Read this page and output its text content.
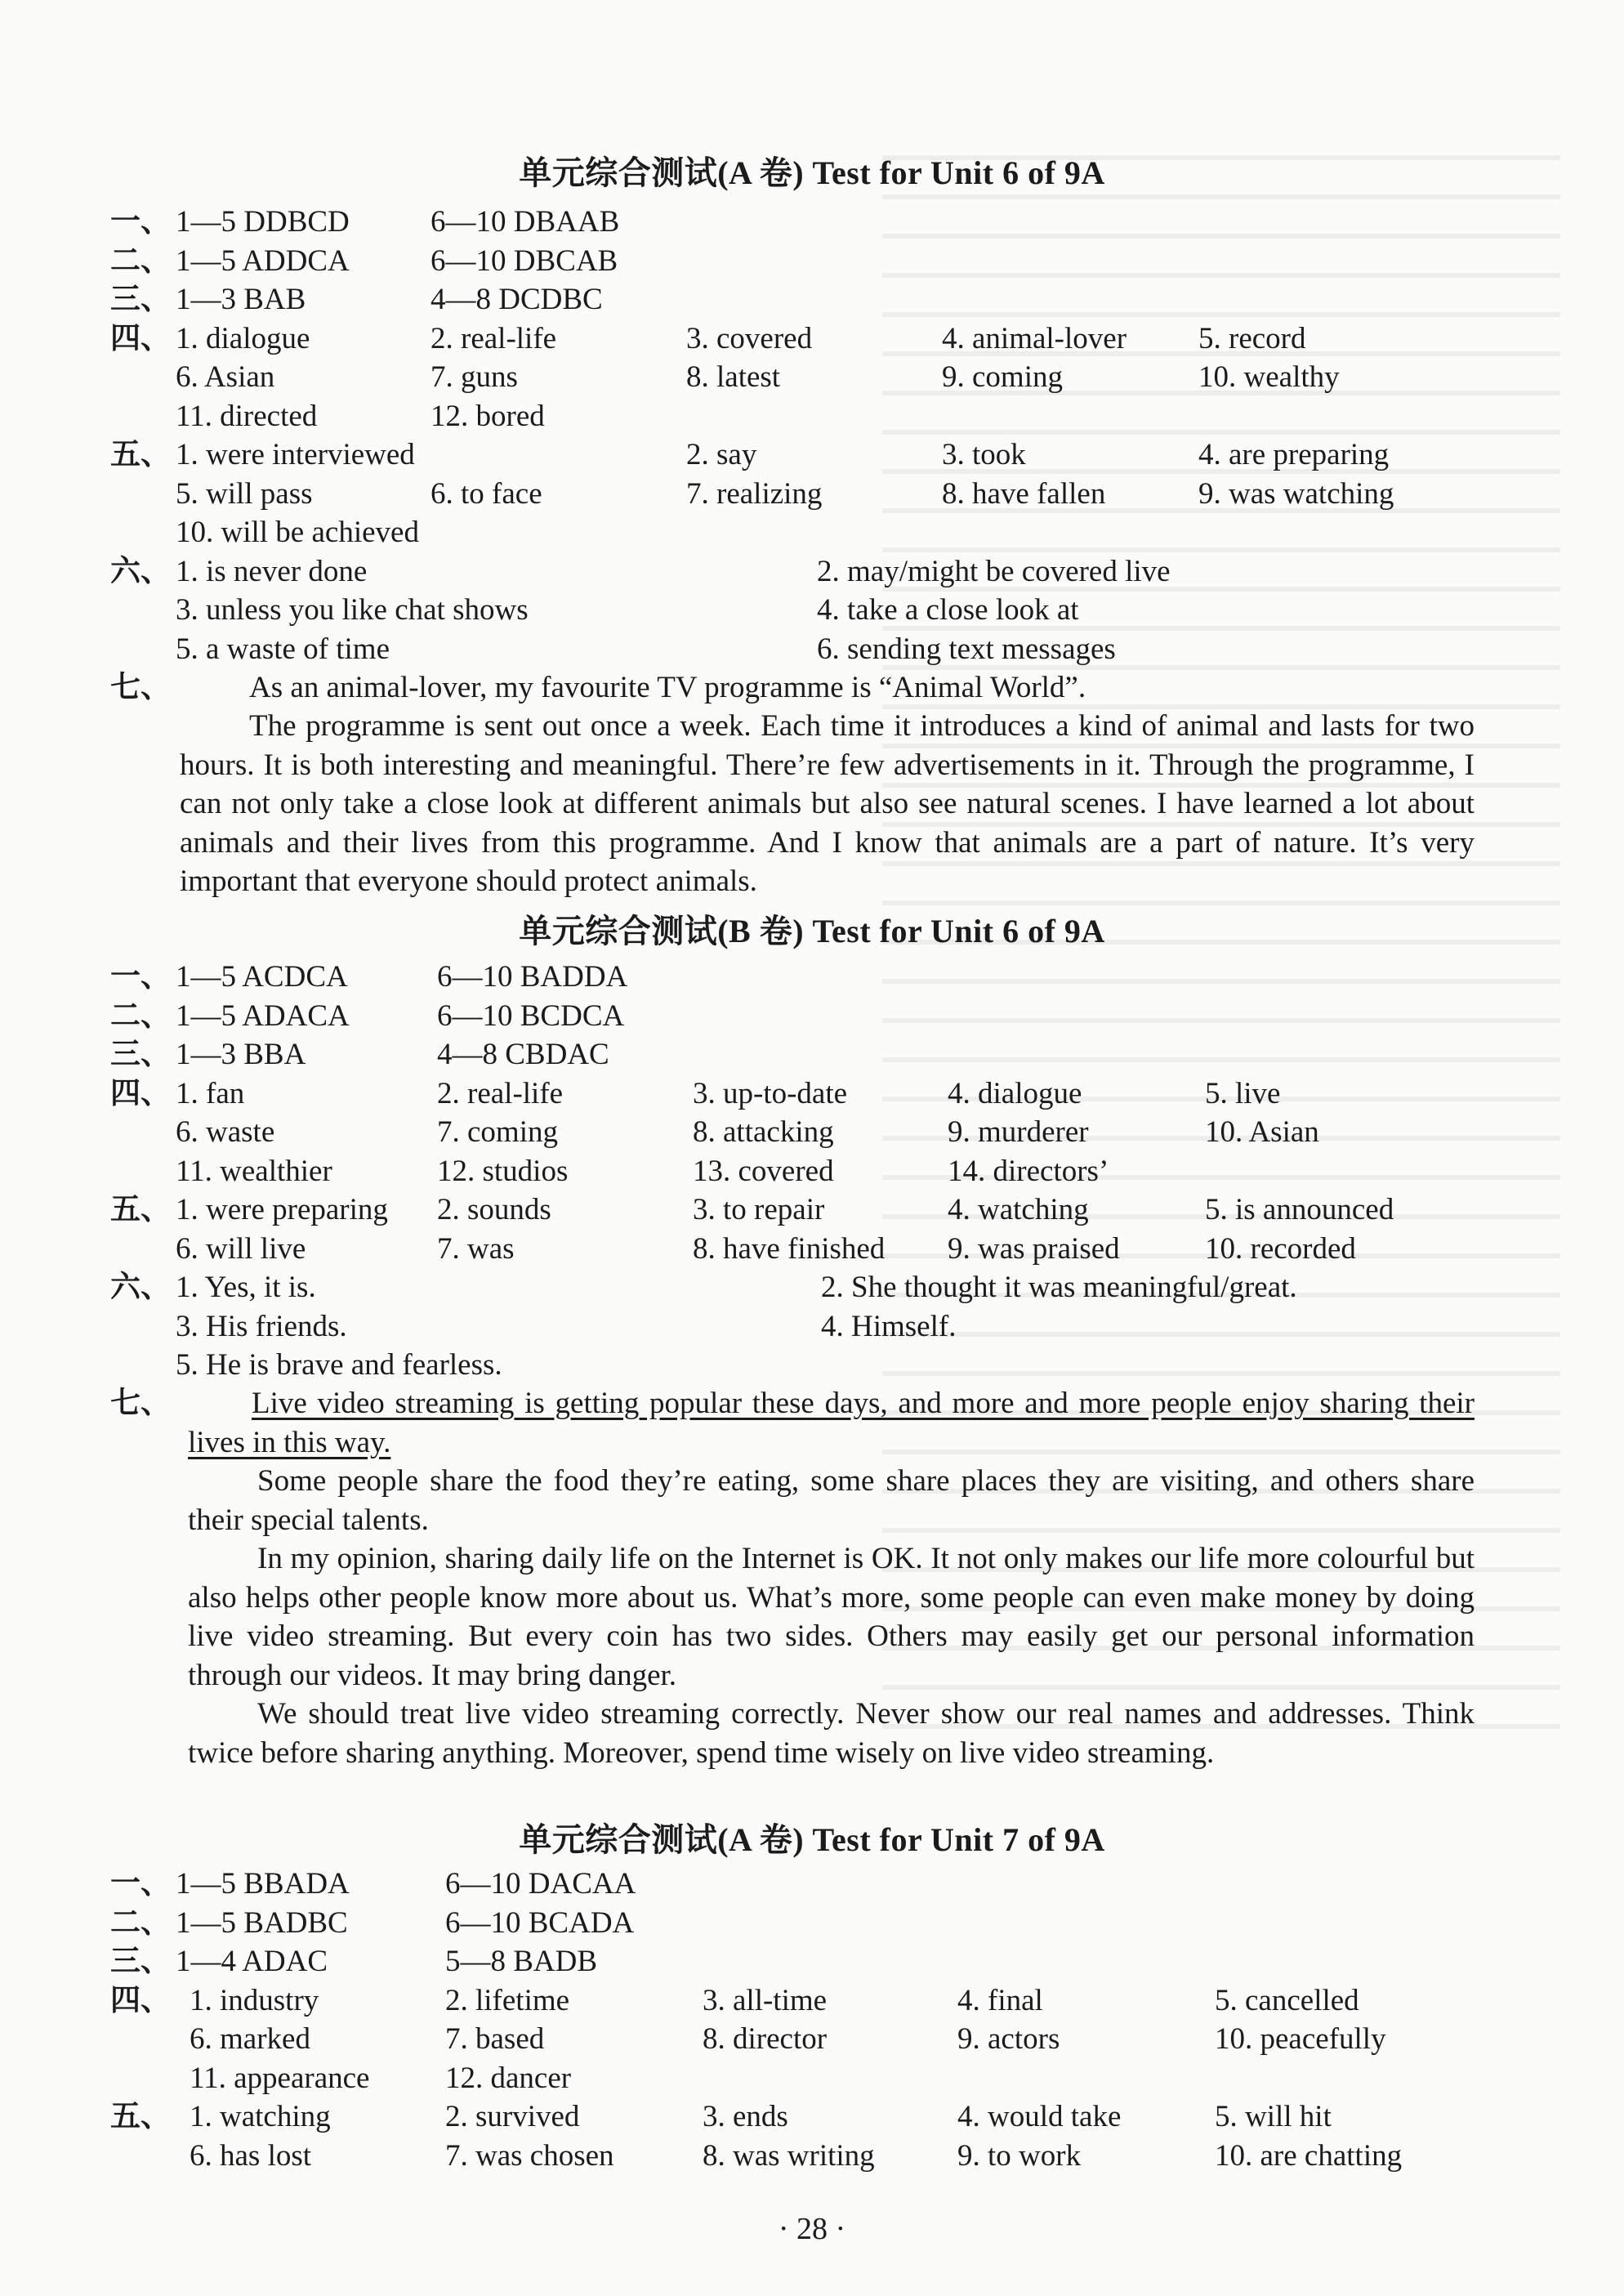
单元综合测试(A 卷) Test for Unit 6 of 9A
一、 1—5 DDBCD	6—10 DBAAB
二、 1—5 ADDCA	6—10 DBCAB
三、 1—3 BAB	4—8 DCDBC
四、 1. dialogue	2. real-life	3. covered	4. animal-lover 5. record
6. Asian	7. guns	8. latest	9. coming	10. wealthy
11. directed	12. bored
五、 1. were interviewed	2. say	3. took	4. are preparing
5. will pass	6. to face	7. realizing	8. have fallen	9. was watching
10. will be achieved
六、 1. is never done	2. may/might be covered live
3. unless you like chat shows	4. take a close look at
5. a waste of time	6. sending text messages
七、	As an animal-lover, my favourite TV programme is “Animal World”.

The programme is sent out once a week. Each time it introduces a kind of animal and lasts for two hours. It is both interesting and meaningful. There’re few advertisements in it. Through the programme, I can not only take a close look at different animals but also see natural scenes. I have learned a lot about animals and their lives from this programme. And I know that animals are a part of nature. It’s very important that everyone should protect animals.

单元综合测试(B 卷) Test for Unit 6 of 9A
一、 1—5 ACDCA	6—10 BADDA
二、 1—5 ADACA	6—10 BCDCA
三、 1—3 BBA	4—8 CBDAC
四、 1. fan	2. real-life	3. up-to-date	4. dialogue	5. live
6. waste	7. coming	8. attacking	9. murderer	10. Asian
11. wealthier	12. studios	13. covered	14. directors’
五、 1. were preparing 2. sounds	3. to repair	4. watching	5. is announced
6. will live	7. was	8. have finished 9. was praised	10. recorded
六、 1. Yes, it is.	2. She thought it was meaningful/great.
3. His friends.	4. Himself.
5. He is brave and fearless.
七、	Live video streaming is getting popular these days, and more and more people enjoy sharing their lives in this way.

Some people share the food they’re eating, some share places they are visiting, and others share their special talents.

In my opinion, sharing daily life on the Internet is OK. It not only makes our life more colourful but also helps other people know more about us. What’s more, some people can even make money by doing live video streaming. But every coin has two sides. Others may easily get our personal information through our videos. It may bring danger.

We should treat live video streaming correctly. Never show our real names and addresses. Think twice before sharing anything. Moreover, spend time wisely on live video streaming.

单元综合测试(A 卷) Test for Unit 7 of 9A
一、 1—5 BBADA	6—10 DACAA
二、 1—5 BADBC	6—10 BCADA
三、 1—4 ADAC	5—8 BADB
四、 1. industry	2. lifetime	3. all-time	4. final	5. cancelled
6. marked	7. based	8. director	9. actors	10. peacefully
11. appearance	12. dancer
五、 1. watching	2. survived	3. ends	4. would take	5. will hit
6. has lost	7. was chosen	8. was writing	9. to work	10. are chatting
· 28 ·
